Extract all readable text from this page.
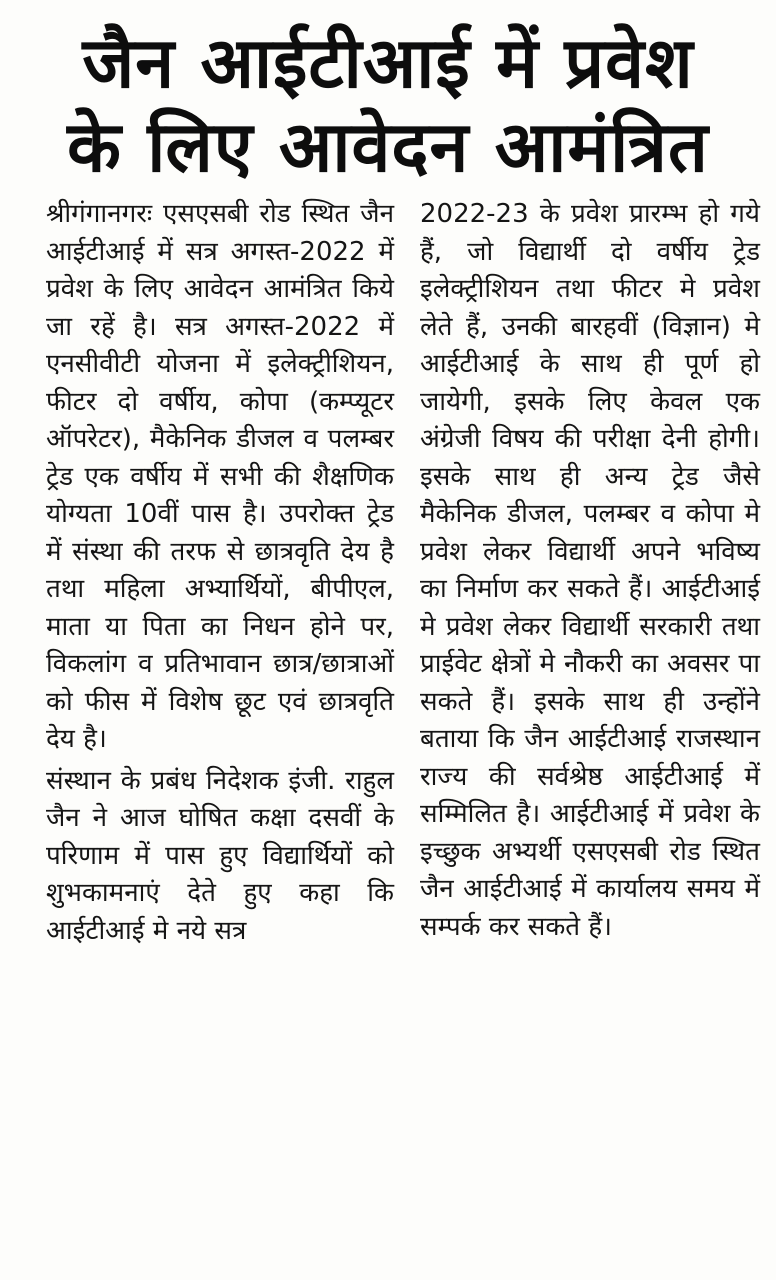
जैन आईटीआई में प्रवेश
के लिए आवेदन आमंत्रित

श्रीगंगानगरः एसएसबी रोड स्थित जैन आईटीआई में सत्र अगस्त-2022 में प्रवेश के लिए आवेदन आमंत्रित किये जा रहें है। सत्र अगस्त-2022 में एनसीवीटी योजना में इलेक्ट्रीशियन, फीटर दो वर्षीय, कोपा (कम्प्यूटर ऑपरेटर), मैकेनिक डीजल व पलम्बर ट्रेड एक वर्षीय में सभी की शैक्षणिक योग्यता 10वीं पास है। उपरोक्त ट्रेड में संस्था की तरफ से छात्रवृति देय है तथा महिला अभ्यार्थियों, बीपीएल, माता या पिता का निधन होने पर, विकलांग व प्रतिभावान छात्र/छात्राओं को फीस में विशेष छूट एवं छात्रवृति देय है।

संस्थान के प्रबंध निदेशक इंजी. राहुल जैन ने आज घोषित कक्षा दसवीं के परिणाम में पास हुए विद्यार्थियों को शुभकामनाएं देते हुए कहा कि आईटीआई मे नये सत्र

2022-23 के प्रवेश प्रारम्भ हो गये हैं, जो विद्यार्थी दो वर्षीय ट्रेड इलेक्ट्रीशियन तथा फीटर मे प्रवेश लेते हैं, उनकी बारहवीं (विज्ञान) मे आईटीआई के साथ ही पूर्ण हो जायेगी, इसके लिए केवल एक अंग्रेजी विषय की परीक्षा देनी होगी। इसके साथ ही अन्य ट्रेड जैसे मैकेनिक डीजल, पलम्बर व कोपा मे प्रवेश लेकर विद्यार्थी अपने भविष्य का निर्माण कर सकते हैं। आईटीआई मे प्रवेश लेकर विद्यार्थी सरकारी तथा प्राईवेट क्षेत्रों मे नौकरी का अवसर पा सकते हैं। इसके साथ ही उन्होंने बताया कि जैन आईटीआई राजस्थान राज्य की सर्वश्रेष्ठ आईटीआई में सम्मिलित है। आईटीआई में प्रवेश के इच्छुक अभ्यर्थी एसएसबी रोड स्थित जैन आईटीआई में कार्यालय समय में सम्पर्क कर सकते हैं।
